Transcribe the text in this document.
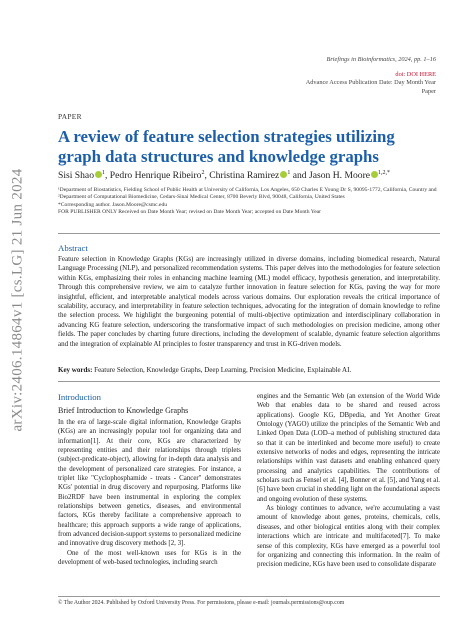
arXiv:2406.14864v1 [cs.LG] 21 Jun 2024
Briefings in Bioinformatics, 2024, pp. 1–16
doi: DOI HERE
Advance Access Publication Date: Day Month Year
Paper
PAPER
A review of feature selection strategies utilizing graph data structures and knowledge graphs
Sisi Shao $^1$, Pedro Henrique Ribeiro$^2$, Christina Ramirez $^1$ and Jason H. Moore $^{1,2,*}$

¹Department of Biostatistics, Fielding School of Public Health at University of California, Los Angeles, 650 Charles E Young Dr S, 90095-1772, California, Country and ²Department of Computational Biomedicine, Cedars-Sinai Medical Center, 8700 Beverly Blvd, 90048, California, United States

*Corresponding author. Jason.Moore@csmc.edu

FOR PUBLISHER ONLY Received on Date Month Year; revised on Date Month Year; accepted on Date Month Year

Abstract
Feature selection in Knowledge Graphs (KGs) are increasingly utilized in diverse domains, including biomedical research, Natural Language Processing (NLP), and personalized recommendation systems. This paper delves into the methodologies for feature selection within KGs, emphasizing their roles in enhancing machine learning (ML) model efficacy, hypothesis generation, and interpretability. Through this comprehensive review, we aim to catalyze further innovation in feature selection for KGs, paving the way for more insightful, efficient, and interpretable analytical models across various domains. Our exploration reveals the critical importance of scalability, accuracy, and interpretability in feature selection techniques, advocating for the integration of domain knowledge to refine the selection process. We highlight the burgeoning potential of multi-objective optimization and interdisciplinary collaboration in advancing KG feature selection, underscoring the transformative impact of such methodologies on precision medicine, among other fields. The paper concludes by charting future directions, including the development of scalable, dynamic feature selection algorithms and the integration of explainable AI principles to foster transparency and trust in KG-driven models.
Key words: Feature Selection, Knowledge Graphs, Deep Learning, Precision Medicine, Explainable AI.
Introduction
Brief Introduction to Knowledge Graphs

In the era of large-scale digital information, Knowledge Graphs (KGs) are an increasingly popular tool for organizing data and information[1]. At their core, KGs are characterized by representing entities and their relationships through triplets (subject-predicate-object), allowing for in-depth data analysis and the development of personalized care strategies. For instance, a triplet like "Cyclophosphamide - treats - Cancer" demonstrates KGs' potential in drug discovery and repurposing. Platforms like Bio2RDF have been instrumental in exploring the complex relationships between genetics, diseases, and environmental factors, KGs thereby facilitate a comprehensive approach to healthcare; this approach supports a wide range of applications, from advanced decision-support systems to personalized medicine and innovative drug discovery methods [2, 3].

One of the most well-known uses for KGs is in the development of web-based technologies, including search

engines and the Semantic Web (an extension of the World Wide Web that enables data to be shared and reused across applications). Google KG, DBpedia, and Yet Another Great Ontology (YAGO) utilize the principles of the Semantic Web and Linked Open Data (LOD–a method of publishing structured data so that it can be interlinked and become more useful) to create extensive networks of nodes and edges, representing the intricate relationships within vast datasets and enabling enhanced query processing and analytics capabilities. The contributions of scholars such as Fensel et al. [4], Bonner et al. [5], and Yang et al. [6] have been crucial in shedding light on the foundational aspects and ongoing evolution of these systems.

As biology continues to advance, we're accumulating a vast amount of knowledge about genes, proteins, chemicals, cells, diseases, and other biological entities along with their complex interactions which are intricate and multifaceted[7]. To make sense of this complexity, KGs have emerged as a powerful tool for organizing and connecting this information. In the realm of precision medicine, KGs have been used to consolidate disparate

© The Author 2024. Published by Oxford University Press. For permissions, please e-mail: journals.permissions@oup.com
